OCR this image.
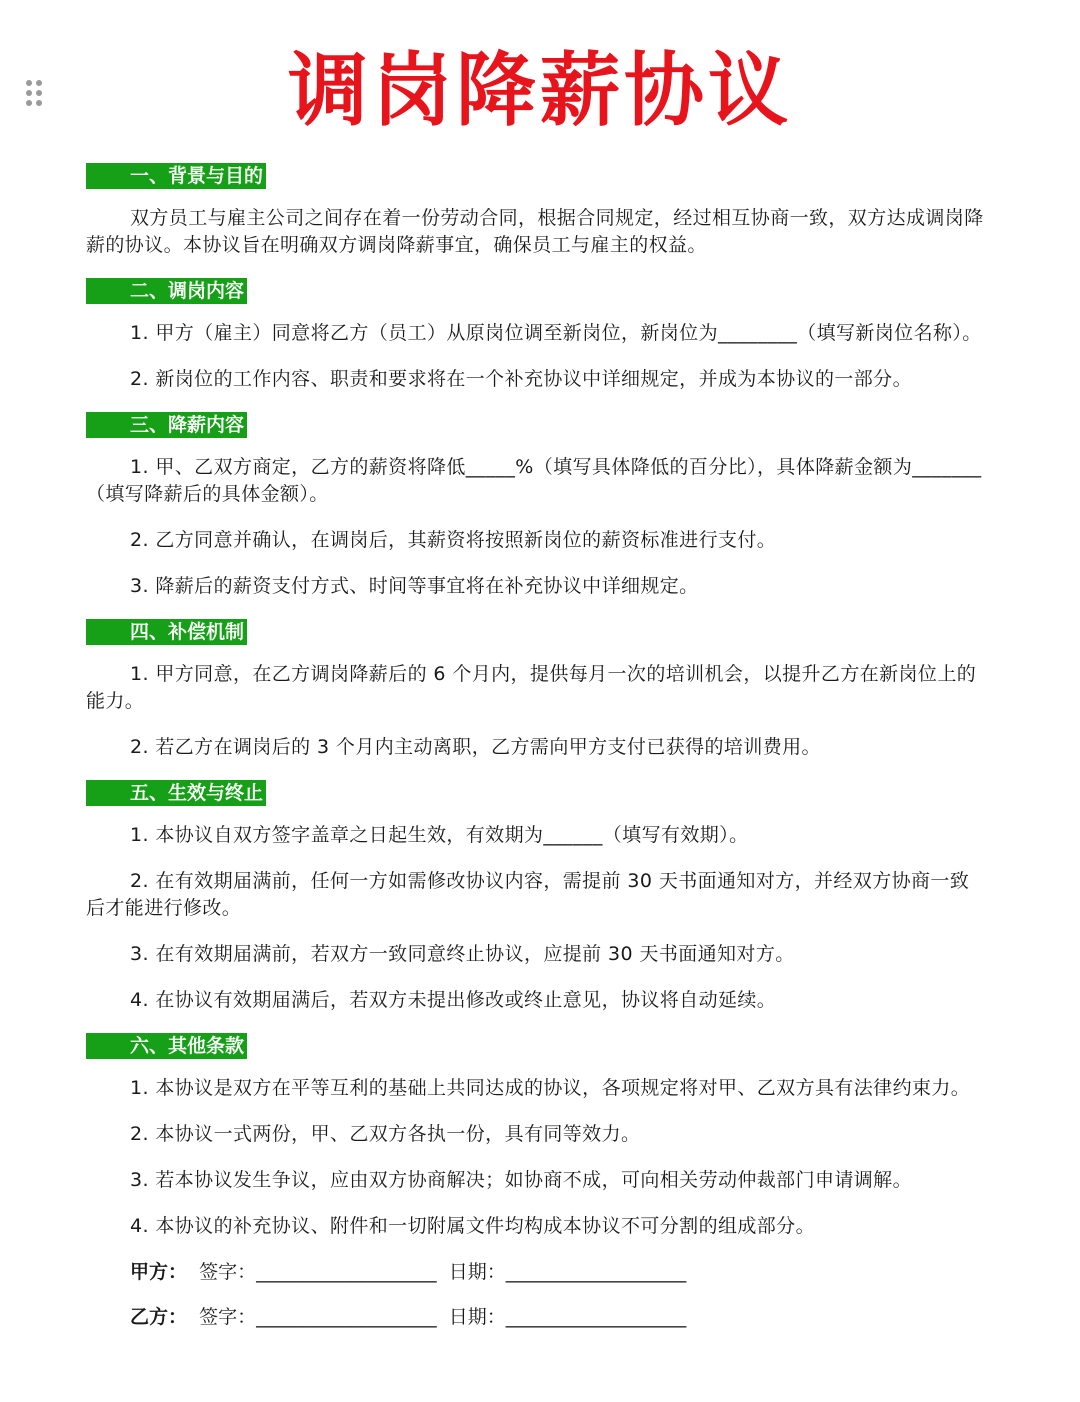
调岗降薪协议
一、背景与目的

双方员工与雇主公司之间存在着一份劳动合同，根据合同规定，经过相互协商一致，双方达成调岗降薪的协议。本协议旨在明确双方调岗降薪事宜，确保员工与雇主的权益。

二、调岗内容

1. 甲方（雇主）同意将乙方（员工）从原岗位调至新岗位，新岗位为________（填写新岗位名称）。

2. 新岗位的工作内容、职责和要求将在一个补充协议中详细规定，并成为本协议的一部分。

三、降薪内容

1. 甲、乙双方商定，乙方的薪资将降低_____%（填写具体降低的百分比），具体降薪金额为_______（填写降薪后的具体金额）。

2. 乙方同意并确认，在调岗后，其薪资将按照新岗位的薪资标准进行支付。

3. 降薪后的薪资支付方式、时间等事宜将在补充协议中详细规定。

四、补偿机制

1. 甲方同意，在乙方调岗降薪后的 6 个月内，提供每月一次的培训机会，以提升乙方在新岗位上的能力。

2. 若乙方在调岗后的 3 个月内主动离职，乙方需向甲方支付已获得的培训费用。

五、生效与终止

1. 本协议自双方签字盖章之日起生效，有效期为______（填写有效期）。

2. 在有效期届满前，任何一方如需修改协议内容，需提前 30 天书面通知对方，并经双方协商一致后才能进行修改。

3. 在有效期届满前，若双方一致同意终止协议，应提前 30 天书面通知对方。

4. 在协议有效期届满后，若双方未提出修改或终止意见，协议将自动延续。

六、其他条款

1. 本协议是双方在平等互利的基础上共同达成的协议，各项规定将对甲、乙双方具有法律约束力。

2. 本协议一式两份，甲、乙双方各执一份，具有同等效力。

3. 若本协议发生争议，应由双方协商解决；如协商不成，可向相关劳动仲裁部门申请调解。

4. 本协议的补充协议、附件和一切附属文件均构成本协议不可分割的组成部分。

甲方： 签字：___________________ 日期：___________________
乙方： 签字：___________________ 日期：___________________
